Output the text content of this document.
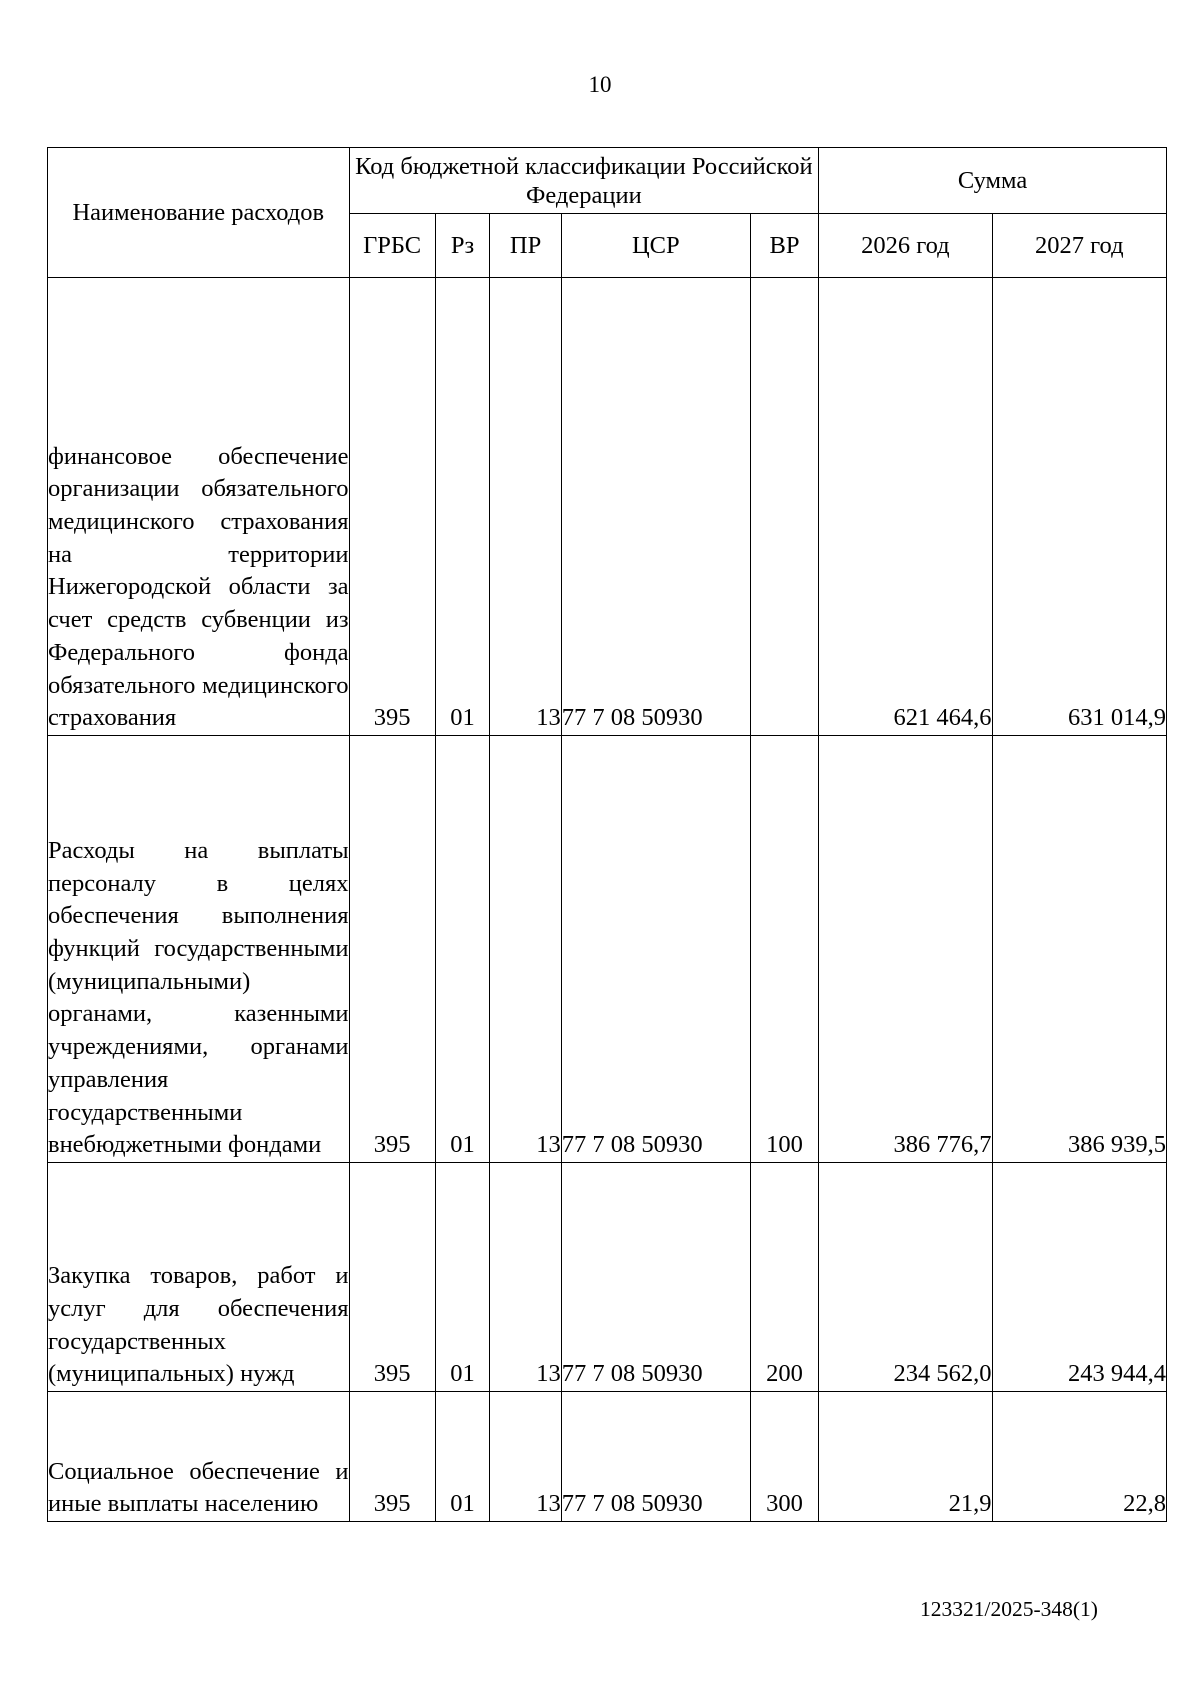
10
Наименование расходов	Код бюджетной классификации Российской Федерации					Сумма	
	ГРБС	Рз	ПР	ЦСР	ВР	2026 год	2027 год
финансовое обеспечение организации обязательного медицинского страхования на территории Нижегородской области за счет средств субвенции из Федерального фонда обязательного медицинского страхования	395	01	13	77 7 08 50930		621 464,6	631 014,9
Расходы на выплаты персоналу в целях обеспечения выполнения функций государственными (муниципальными) органами, казенными учреждениями, органами управления государственными внебюджетными фондами	395	01	13	77 7 08 50930	100	386 776,7	386 939,5
Закупка товаров, работ и услуг для обеспечения государственных (муниципальных) нужд	395	01	13	77 7 08 50930	200	234 562,0	243 944,4
Социальное обеспечение и иные выплаты населению	395	01	13	77 7 08 50930	300	21,9	22,8
123321/2025-348(1)
